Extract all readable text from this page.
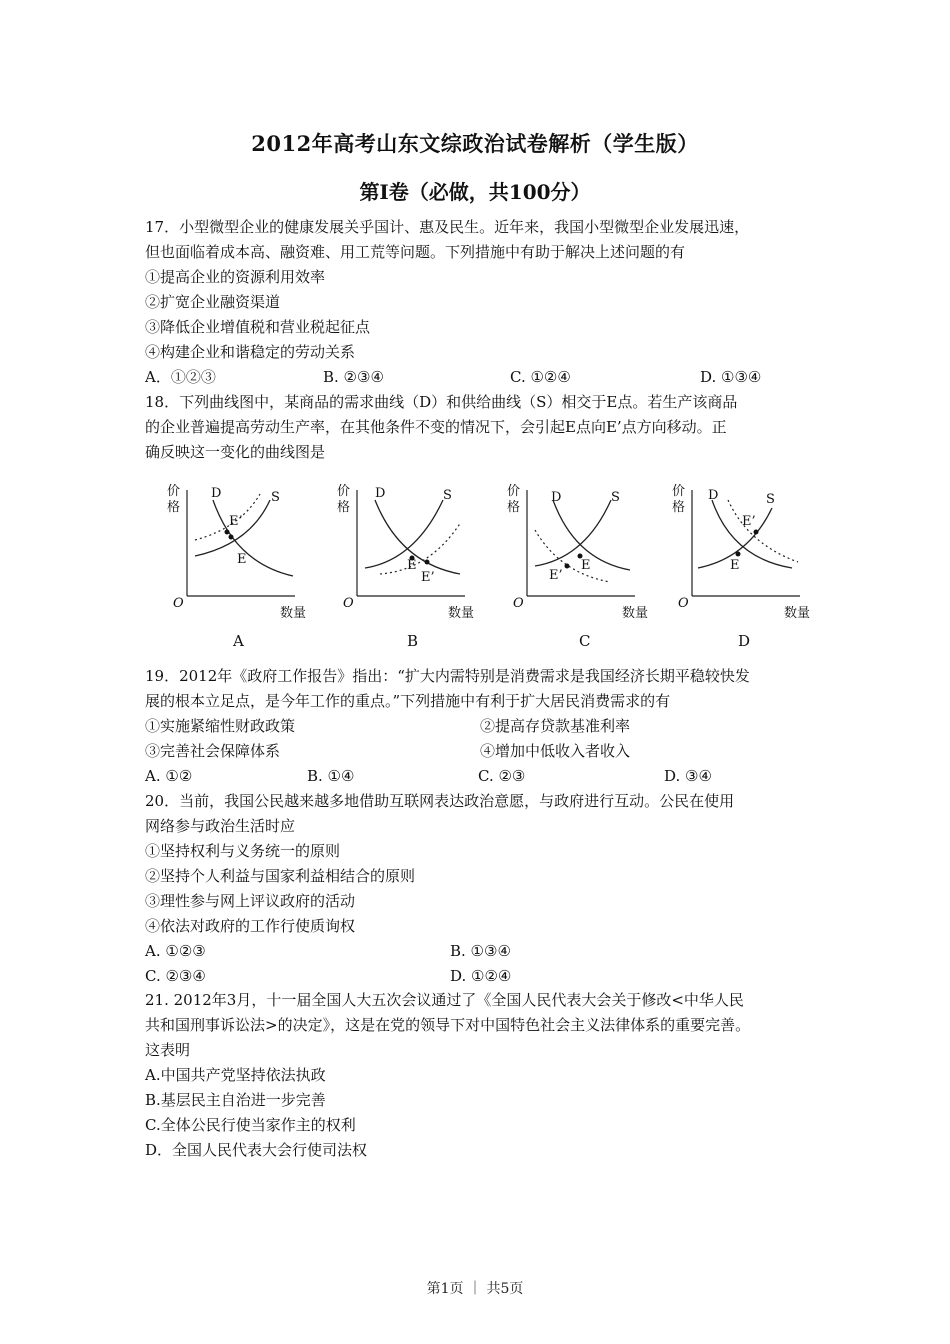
2012年高考山东文综政治试卷解析（学生版）
第Ⅰ卷（必做，共100分）

17．小型微型企业的健康发展关乎国计、惠及民生。近年来，我国小型微型企业发展迅速，

但也面临着成本高、融资难、用工荒等问题。下列措施中有助于解决上述问题的有

①提高企业的资源利用效率

②扩宽企业融资渠道

③降低企业增值税和营业税起征点

④构建企业和谐稳定的劳动关系

A．①②③	B. ②③④	C. ①②④	D. ①③④

18．下列曲线图中，某商品的需求曲线（D）和供给曲线（S）相交于E点。若生产该商品

的企业普遍提高劳动生产率，在其他条件不变的情况下，会引起E点向E’点方向移动。正

确反映这一变化的曲线图是

价
格
D	S
E’
E
O
数量
A
价
格
D	S
E
E’
O
数量
B
价
格
D	S
E
E’
O
数量
C
价
格
D	S
E’
E
O
数量
D

19．2012年《政府工作报告》指出：“扩大内需特别是消费需求是我国经济长期平稳较快发

展的根本立足点，是今年工作的重点。”下列措施中有利于扩大居民消费需求的有

①实施紧缩性财政政策	②提高存贷款基准利率
③完善社会保障体系	④增加中低收入者收入
A. ①②	B. ①④	C. ②③	D. ③④

20．当前，我国公民越来越多地借助互联网表达政治意愿，与政府进行互动。公民在使用

网络参与政治生活时应

①坚持权利与义务统一的原则

②坚持个人利益与国家利益相结合的原则

③理性参与网上评议政府的活动

④依法对政府的工作行使质询权

A. ①②③	B. ①③④
C. ②③④	D. ①②④

21. 2012年3月，十一届全国人大五次会议通过了《全国人民代表大会关于修改<中华人民

共和国刑事诉讼法>的决定》，这是在党的领导下对中国特色社会主义法律体系的重要完善。

这表明

A.中国共产党坚持依法执政

B.基层民主自治进一步完善

C.全体公民行使当家作主的权利

D．全国人民代表大会行使司法权

第1页 ｜ 共5页
